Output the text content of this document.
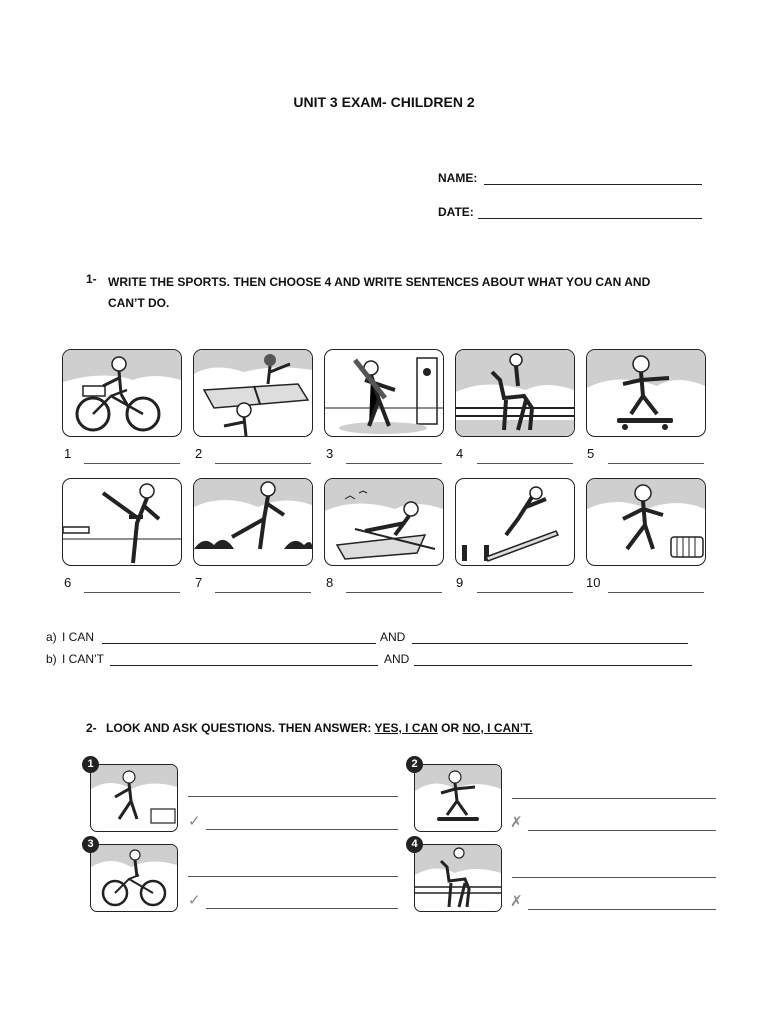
UNIT 3 EXAM- CHILDREN 2
NAME:
DATE:
1- WRITE THE SPORTS. THEN CHOOSE 4 AND WRITE SENTENCES ABOUT WHAT YOU CAN AND
CAN’T DO.
1	2	3	4	5
6	7	8	9	10
a) I CAN	AND
b) I CAN’T	AND
2- LOOK AND ASK QUESTIONS. THEN ANSWER: YES, I CAN OR NO, I CAN’T.
1
✓
2
✗
3
✓
4
✗
